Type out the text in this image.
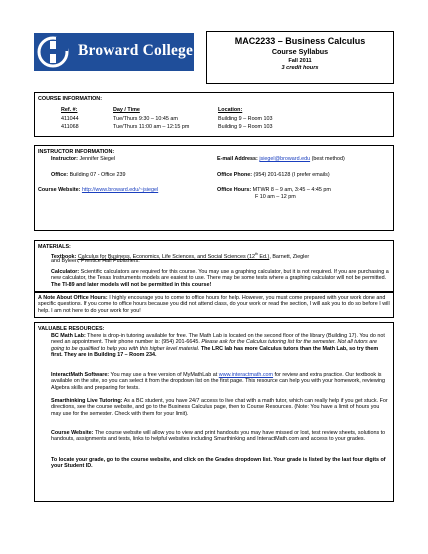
Broward College
MAC2233 – Business Calculus
Course Syllabus
Fall 2011
3 credit hours
COURSE INFORMATION:
Ref. #:	Day / Time	Location:
411044	Tue/Thurs 9:30 – 10:45 am	Building 9 – Room 103
411068	Tue/Thurs 11:00 am – 12:15 pm	Building 9 – Room 103
INSTRUCTOR INFORMATION:
Instructor: Jennifer Siegel	E-mail Address: jsiegel@broward.edu (best method)
Office: Building 07 - Office 239	Office Phone: (954) 201-6128 (I prefer emails)
Course Website: http://www.broward.edu/~jsiegel	Office Hours: MTWR 8 – 9 am, 3:45 – 4:45 pm
F 10 am – 12 pm
MATERIALS:
Textbook: Calculus for Business, Economics, Life Sciences, and Social Sciences (12th Ed.), Barnett, Ziegler
and Byleen, Prentice Hall Publishers.
Calculator: Scientific calculators are required for this course. You may use a graphing calculator, but it is not required. If you are purchasing a new calculator, the Texas Instruments models are easiest to use. There may be some tests where a graphing calculator will not be permitted. The TI-89 and later models will not be permitted in this course!
A Note About Office Hours: I highly encourage you to come to office hours for help. However, you must come prepared with your work done and specific questions. If you come to office hours because you did not attend class, do your work or read the section, I will ask you to do so before I will help. I am not here to do your work for you!
VALUABLE RESOURCES:
BC Math Lab: There is drop-in tutoring available for free. The Math Lab is located on the second floor of the library (Building 17). You do not need an appointment. Their phone number is: (954) 201-6645. Please ask for the Calculus tutoring list for the semester. Not all tutors are going to be qualified to help you with this higher level material. The LRC lab has more Calculus tutors than the Math Lab, so try them first. They are in Building 17 – Room 234.
InteractMath Software: You may use a free version of MyMathLab at www.interactmath.com for review and extra practice. Our textbook is available on the site, so you can select it from the dropdown list on the first page. This resource can help you with your homework, reviewing Algebra skills and preparing for tests.
Smarthinking Live Tutoring: As a BC student, you have 24/7 access to live chat with a math tutor, which can really help if you get stuck. For directions, see the course website, and go to the Business Calculus page, then to Course Resources. (Note: You have a limit of hours you may use for the semester. Check with them for your limit).
Course Website: The course website will allow you to view and print handouts you may have missed or lost, test review sheets, solutions to handouts, assignments and tests, links to helpful websites including Smarthinking and InteractMath.com and access to your grades.
To locate your grade, go to the course website, and click on the Grades dropdown list. Your grade is listed by the last four digits of your Student ID.
